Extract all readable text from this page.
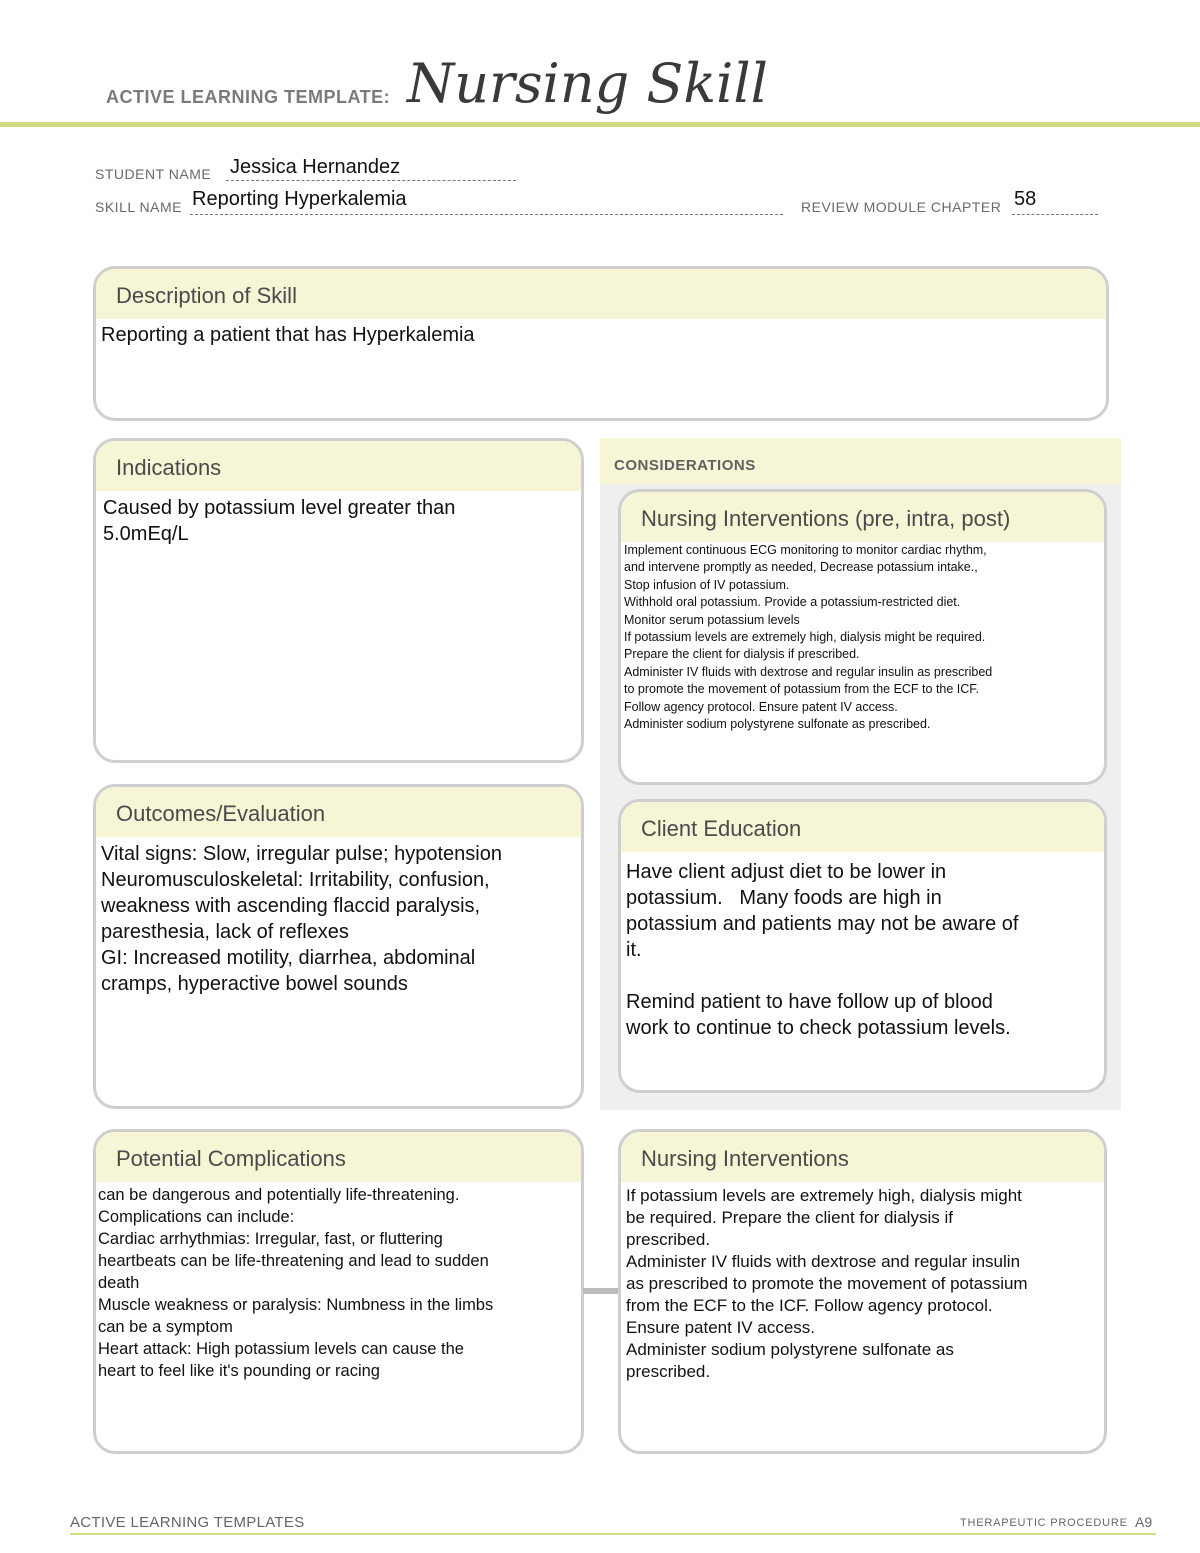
ACTIVE LEARNING TEMPLATE: Nursing Skill
STUDENT NAME Jessica Hernandez
SKILL NAME Reporting Hyperkalemia	REVIEW MODULE CHAPTER 58
Description of Skill
Reporting a patient that has Hyperkalemia
CONSIDERATIONS
Indications
Caused by potassium level greater than
5.0mEq/L
Nursing Interventions (pre, intra, post)
Implement continuous ECG monitoring to monitor cardiac rhythm,
and intervene promptly as needed, Decrease potassium intake.,
Stop infusion of IV potassium.
Withhold oral potassium. Provide a potassium-restricted diet.
Monitor serum potassium levels
If potassium levels are extremely high, dialysis might be required.
Prepare the client for dialysis if prescribed.
Administer IV fluids with dextrose and regular insulin as prescribed
to promote the movement of potassium from the ECF to the ICF.
Follow agency protocol. Ensure patent IV access.
Administer sodium polystyrene sulfonate as prescribed.
Outcomes/Evaluation
Vital signs: Slow, irregular pulse; hypotension
Neuromusculoskeletal: Irritability, confusion,
weakness with ascending flaccid paralysis,
paresthesia, lack of reflexes
GI: Increased motility, diarrhea, abdominal
cramps, hyperactive bowel sounds
Client Education
Have client adjust diet to be lower in
potassium.   Many foods are high in
potassium and patients may not be aware of
it.

Remind patient to have follow up of blood
work to continue to check potassium levels.
Potential Complications
can be dangerous and potentially life-threatening.
Complications can include:
Cardiac arrhythmias: Irregular, fast, or fluttering
heartbeats can be life-threatening and lead to sudden
death
Muscle weakness or paralysis: Numbness in the limbs
can be a symptom
Heart attack: High potassium levels can cause the
heart to feel like it's pounding or racing
Nursing Interventions
If potassium levels are extremely high, dialysis might
be required. Prepare the client for dialysis if
prescribed.
Administer IV fluids with dextrose and regular insulin
as prescribed to promote the movement of potassium
from the ECF to the ICF. Follow agency protocol.
Ensure patent IV access.
Administer sodium polystyrene sulfonate as
prescribed.
ACTIVE LEARNING TEMPLATES	THERAPEUTIC PROCEDURE A9
